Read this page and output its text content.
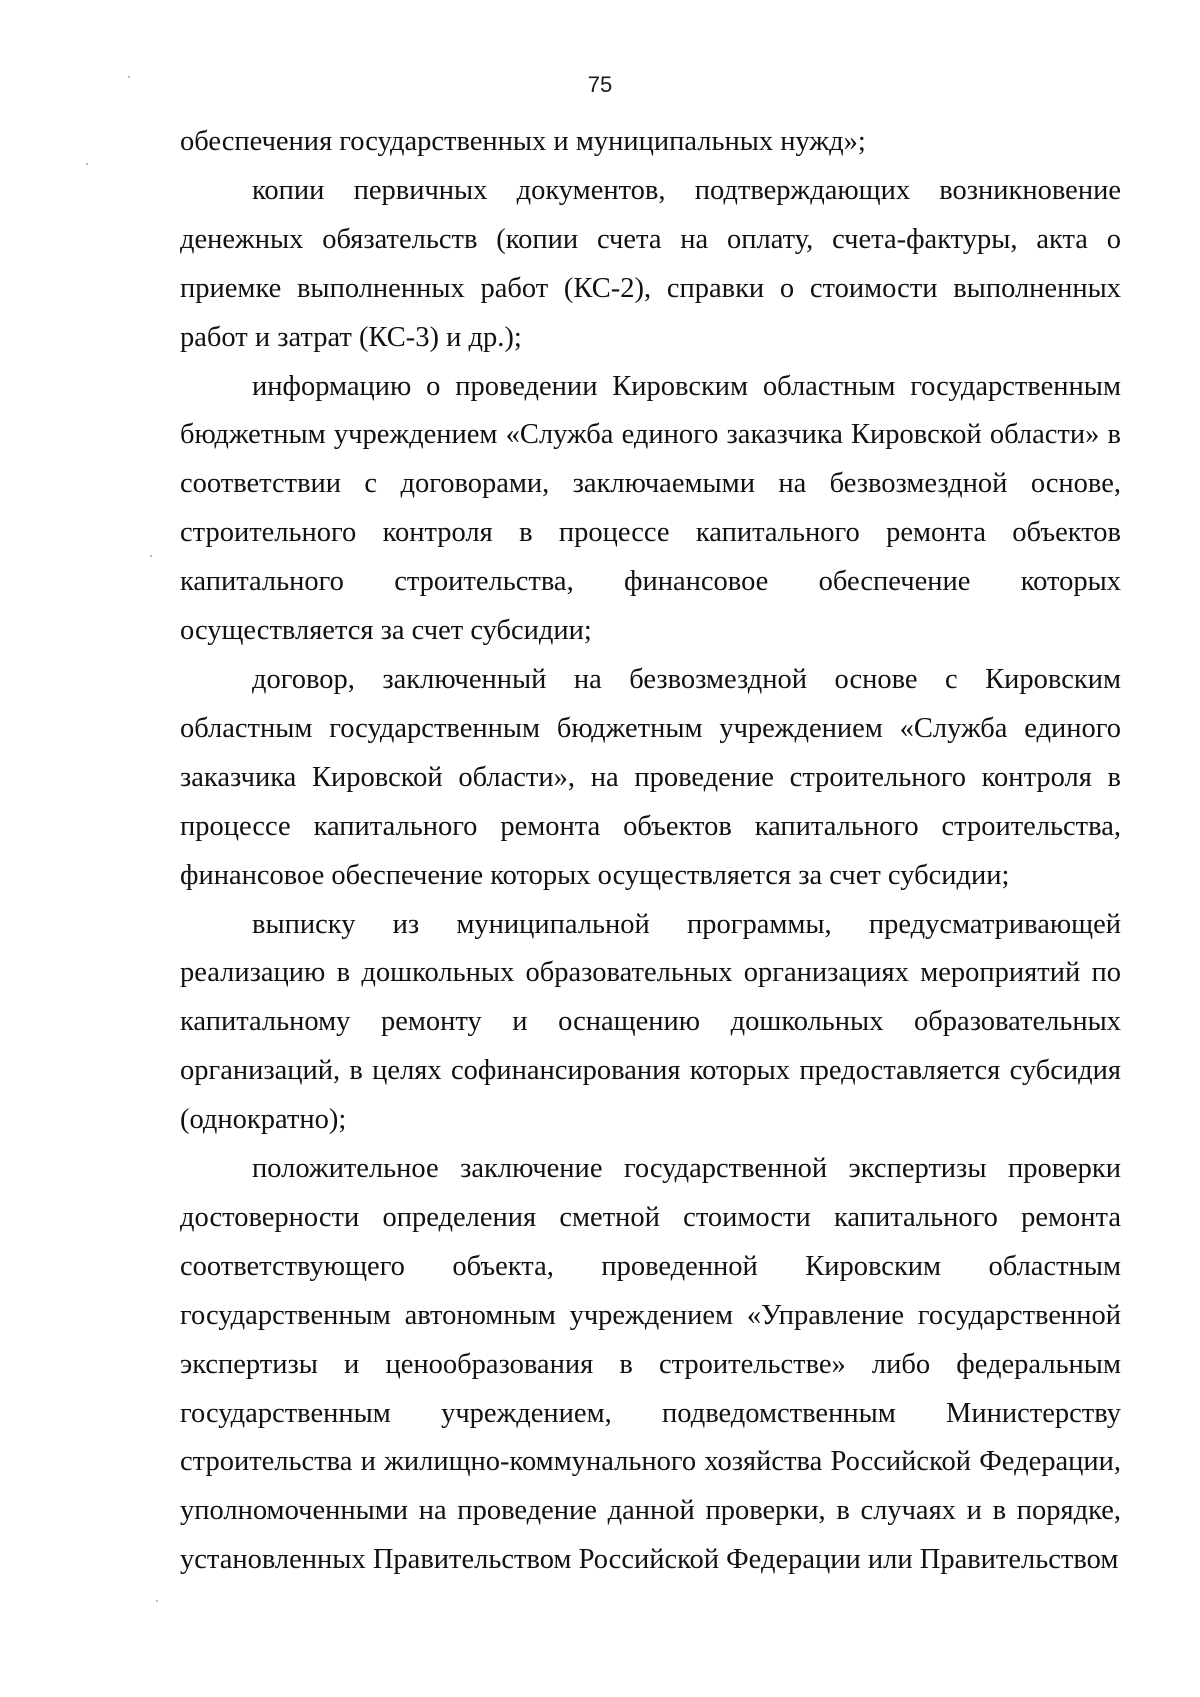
75

обеспечения государственных и муниципальных нужд»;

копии первичных документов, подтверждающих возникновение денежных обязательств (копии счета на оплату, счета-фактуры, акта о приемке выполненных работ (КС-2), справки о стоимости выполненных работ и затрат (КС-3) и др.);

информацию о проведении Кировским областным государственным бюджетным учреждением «Служба единого заказчика Кировской области» в соответствии с договорами, заключаемыми на безвозмездной основе, строительного контроля в процессе капитального ремонта объектов капитального строительства, финансовое обеспечение которых осуществляется за счет субсидии;

договор, заключенный на безвозмездной основе с Кировским областным государственным бюджетным учреждением «Служба единого заказчика Кировской области», на проведение строительного контроля в процессе капитального ремонта объектов капитального строительства, финансовое обеспечение которых осуществляется за счет субсидии;

выписку из муниципальной программы, предусматривающей реализацию в дошкольных образовательных организациях мероприятий по капитальному ремонту и оснащению дошкольных образовательных организаций, в целях софинансирования которых предоставляется субсидия (однократно);

положительное заключение государственной экспертизы проверки достоверности определения сметной стоимости капитального ремонта соответствующего объекта, проведенной Кировским областным государственным автономным учреждением «Управление государственной экспертизы и ценообразования в строительстве» либо федеральным государственным учреждением, подведомственным Министерству строительства и жилищно-коммунального хозяйства Российской Федерации, уполномоченными на проведение данной проверки, в случаях и в порядке, установленных Правительством Российской Федерации или Правительством
